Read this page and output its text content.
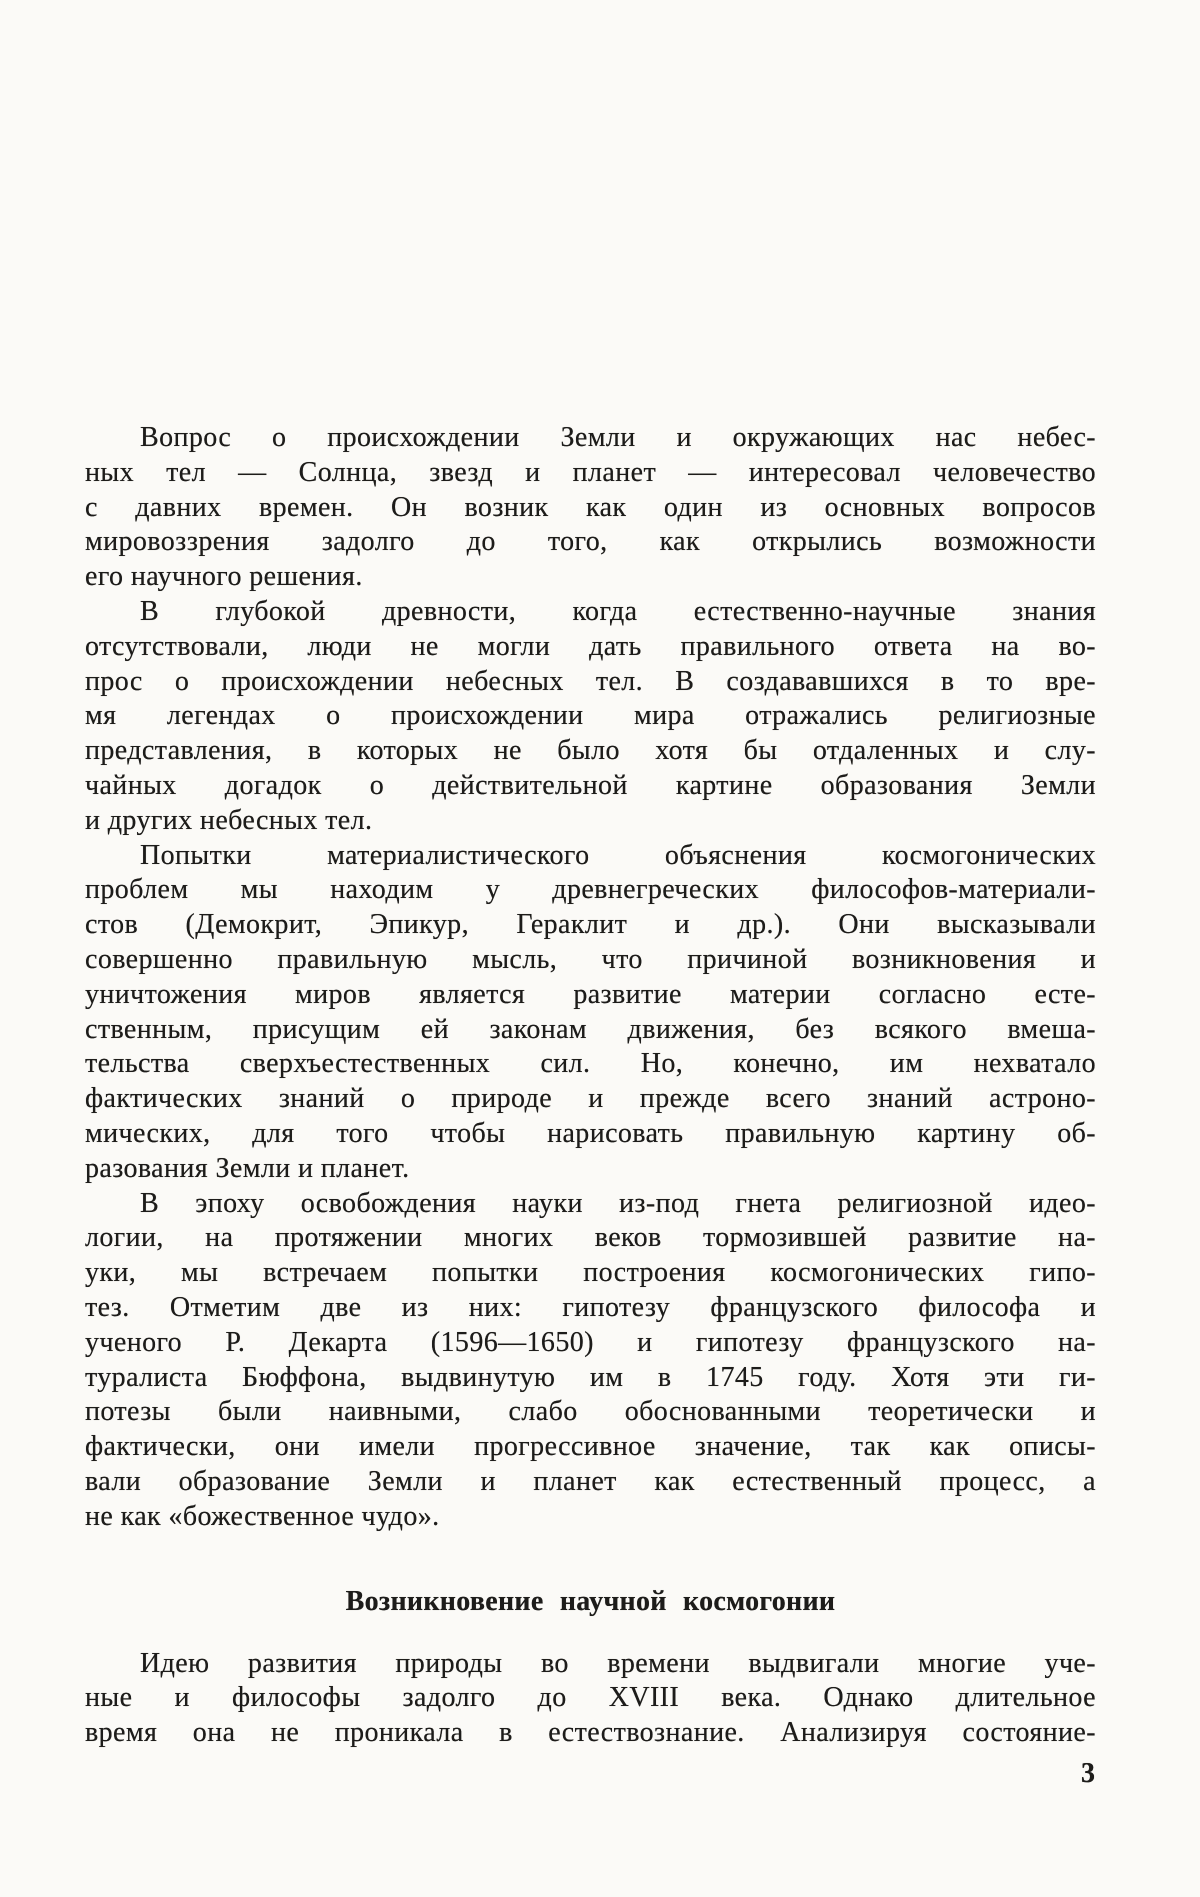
Вопрос о происхождении Земли и окружающих нас небес-
ных тел — Солнца, звезд и планет — интересовал человечество
с давних времен. Он возник как один из основных вопросов
мировоззрения задолго до того, как открылись возможности
его научного решения.
В глубокой древности, когда естественно-научные знания
отсутствовали, люди не могли дать правильного ответа на во-
прос о происхождении небесных тел. В создававшихся в то вре-
мя легендах о происхождении мира отражались религиозные
представления, в которых не было хотя бы отдаленных и слу-
чайных догадок о действительной картине образования Земли
и других небесных тел.
Попытки материалистического объяснения космогонических
проблем мы находим у древнегреческих философов-материали-
стов (Демокрит, Эпикур, Гераклит и др.). Они высказывали
совершенно правильную мысль, что причиной возникновения и
уничтожения миров является развитие материи согласно есте-
ственным, присущим ей законам движения, без всякого вмеша-
тельства сверхъестественных сил. Но, конечно, им нехватало
фактических знаний о природе и прежде всего знаний астроно-
мических, для того чтобы нарисовать правильную картину об-
разования Земли и планет.
В эпоху освобождения науки из-под гнета религиозной идео-
логии, на протяжении многих веков тормозившей развитие на-
уки, мы встречаем попытки построения космогонических гипо-
тез. Отметим две из них: гипотезу французского философа и
ученого Р. Декарта (1596—1650) и гипотезу французского на-
туралиста Бюффона, выдвинутую им в 1745 году. Хотя эти ги-
потезы были наивными, слабо обоснованными теоретически и
фактически, они имели прогрессивное значение, так как описы-
вали образование Земли и планет как естественный процесс, а
не как «божественное чудо».
Возникновение научной космогонии
Идею развития природы во времени выдвигали многие уче-
ные и философы задолго до XVIII века. Однако длительное
время она не проникала в естествознание. Анализируя состояние-
3
